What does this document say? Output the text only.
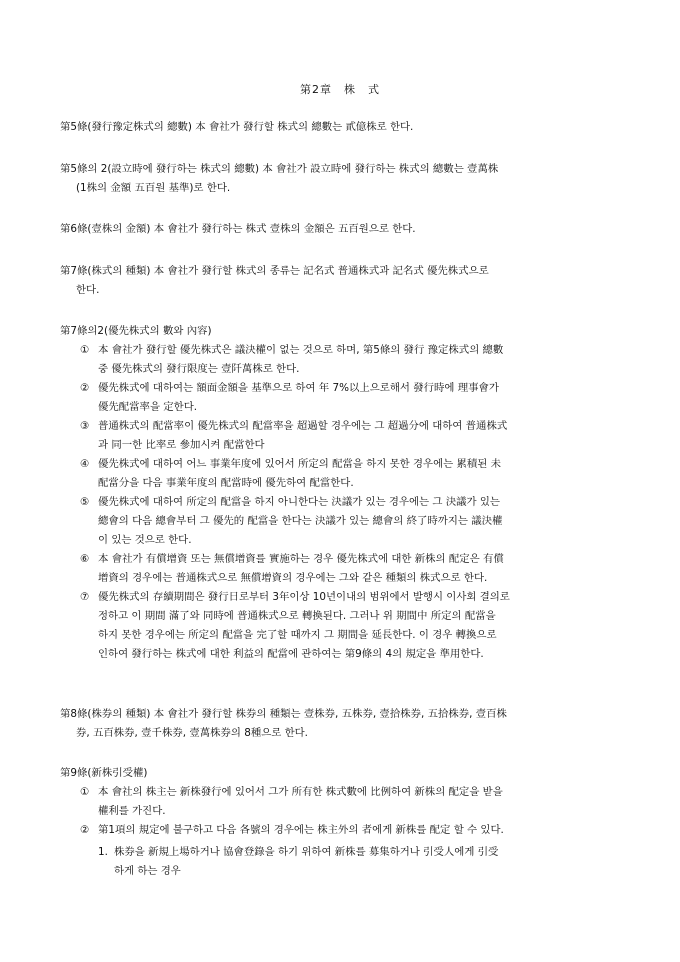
第2章　株　式
第5條(發行豫定株式의 總數) 本 會社가 發行할 株式의 總數는 貳億株로 한다.
第5條의 2(設立時에 發行하는 株式의 總數) 本 會社가 設立時에 發行하는 株式의 總數는 壹萬株
(1株의 金額 五百원 基準)로 한다.
第6條(壹株의 金額) 本 會社가 發行하는 株式 壹株의 金額은 五百원으로 한다.
第7條(株式의 種類) 本 會社가 發行할 株式의 종류는 記名式 普通株式과 記名式 優先株式으로
한다.
第7條의2(優先株式의 數와 內容)
① 本 會社가 發行할 優先株式은 議決權이 없는 것으로 하며, 第5條의 發行 豫定株式의 總數
중 優先株式의 發行限度는 壹阡萬株로 한다.
② 優先株式에 대하여는 額面金額을 基準으로 하여 年 7%以上으로해서 發行時에 理事會가
優先配當率을 定한다.
③ 普通株式의 配當率이 優先株式의 配當率을 超過할 경우에는 그 超過分에 대하여 普通株式
과 同一한 比率로 參加시켜 配當한다
④ 優先株式에 대하여 어느 事業年度에 있어서 所定의 配當을 하지 못한 경우에는 累積된 未
配當分을 다음 事業年度의 配當時에 優先하여 配當한다.
⑤ 優先株式에 대하여 所定의 配當을 하지 아니한다는 決議가 있는 경우에는 그 決議가 있는
總會의 다음 總會부터 그 優先的 配當을 한다는 決議가 있는 總會의 終了時까지는 議決權
이 있는 것으로 한다.
⑥ 本 會社가 有償增資 또는 無償增資를 實施하는 경우 優先株式에 대한 新株의 配定은 有償
增資의 경우에는 普通株式으로 無償增資의 경우에는 그와 같은 種類의 株式으로 한다.
⑦ 優先株式의 存續期間은 發行日로부터 3年이상 10년이내의 범위에서 발행시 이사회 결의로
정하고 이 期間 滿了와 同時에 普通株式으로 轉換된다. 그러나 위 期間中 所定의 配當을
하지 못한 경우에는 所定의 配當을 完了할 때까지 그 期間을 延長한다. 이 경우 轉換으로
인하여 發行하는 株式에 대한 利益의 配當에 관하여는 第9條의 4의 規定을 準用한다.
第8條(株券의 種類) 本 會社가 發行할 株券의 種類는 壹株券, 五株券, 壹拾株券, 五拾株券, 壹百株
券, 五百株券, 壹千株券, 壹萬株券의 8種으로 한다.
第9條(新株引受權)
① 本 會社의 株主는 新株發行에 있어서 그가 所有한 株式數에 比例하여 新株의 配定을 받을
權利를 가진다.
② 第1項의 規定에 불구하고 다음 各號의 경우에는 株主外의 者에게 新株를 配定 할 수 있다.
1. 株券을 新規上場하거나 協會登錄을 하기 위하여 新株를 募集하거나 引受人에게 引受
하게 하는 경우
